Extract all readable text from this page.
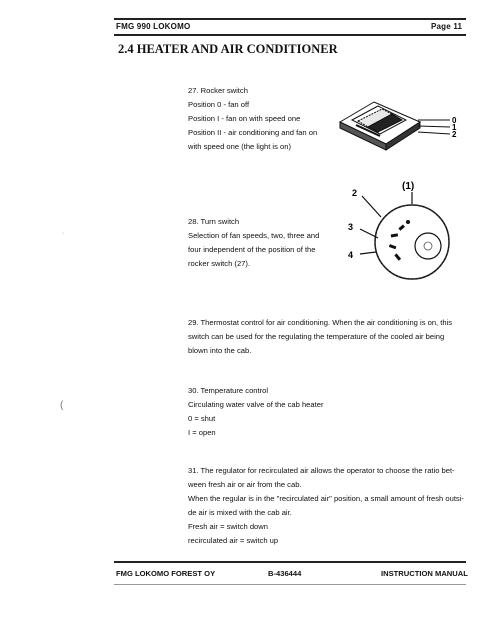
FMG 990 LOKOMO	Page 11
2.4 HEATER AND AIR CONDITIONER
27. Rocker switch
Position 0 - fan off
Position I - fan on with speed one
Position II - air conditioning and fan on
with speed one (the light is on)
0
1
2
28. Turn switch
Selection of fan speeds, two, three and
four independent of the position of the
rocker switch (27).
2
3
4
(1)
29. Thermostat control for air conditioning. When the air conditioning is on, this
switch can be used for the regulating the temperature of the cooled air being
blown into the cab.
30. Temperature control
Circulating water valve of the cab heater
0 = shut
I = open
31. The regulator for recirculated air allows the operator to choose the ratio bet-
ween fresh air or air from the cab.
When the regular is in the "recirculated air" position, a small amount of fresh outsi-
de air is mixed with the cab air.
Fresh air = switch down
recirculated air = switch up
FMG LOKOMO FOREST OY	B-436444	INSTRUCTION MANUAL
(
·
